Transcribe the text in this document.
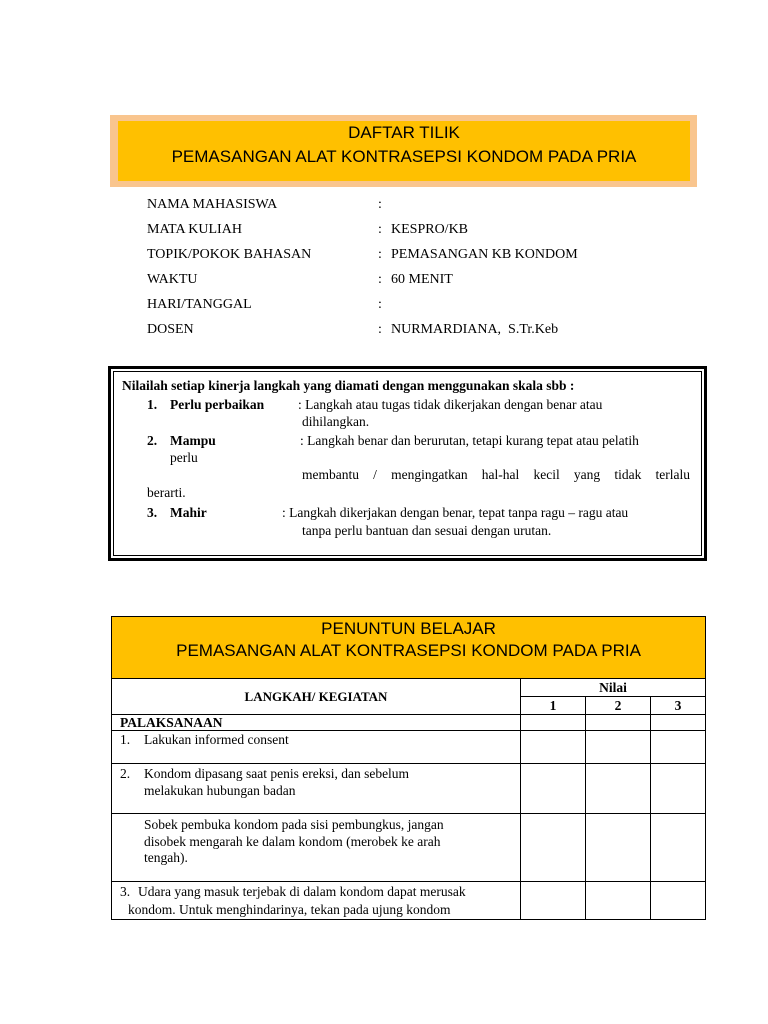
DAFTAR TILIK
PEMASANGAN ALAT KONTRASEPSI KONDOM PADA PRIA
NAMA MAHASISWA	:
MATA KULIAH	: KESPRO/KB
TOPIK/POKOK BAHASAN	: PEMASANGAN KB KONDOM
WAKTU	: 60 MENIT
HARI/TANGGAL	:
DOSEN	: NURMARDIANA,  S.Tr.Keb
Nilailah setiap kinerja langkah yang diamati dengan menggunakan skala sbb :
1. Perlu perbaikan	: Langkah atau tugas tidak dikerjakan dengan benar atau
dihilangkan.
2. Mampu	: Langkah benar dan berurutan, tetapi kurang tepat atau pelatih
perlu
membantu / mengingatkan hal-hal kecil yang tidak terlalu
berarti.
3. Mahir	: Langkah dikerjakan dengan benar, tepat tanpa ragu – ragu atau
tanpa perlu bantuan dan sesuai dengan urutan.
PENUNTUN BELAJAR
PEMASANGAN ALAT KONTRASEPSI KONDOM PADA PRIA			

LANGKAH/ KEGIATAN	Nilai		
	1	2	3
PALAKSANAAN			

1. Lakukan informed consent			

2. Kondom dipasang saat penis ereksi, dan sebelum
melakukan hubungan badan			

Sobek pembuka kondom pada sisi pembungkus, jangan
disobek mengarah ke dalam kondom (merobek ke arah
tengah).			

3. Udara yang masuk terjebak di dalam kondom dapat merusak
kondom. Untuk menghindarinya, tekan pada ujung kondom			
